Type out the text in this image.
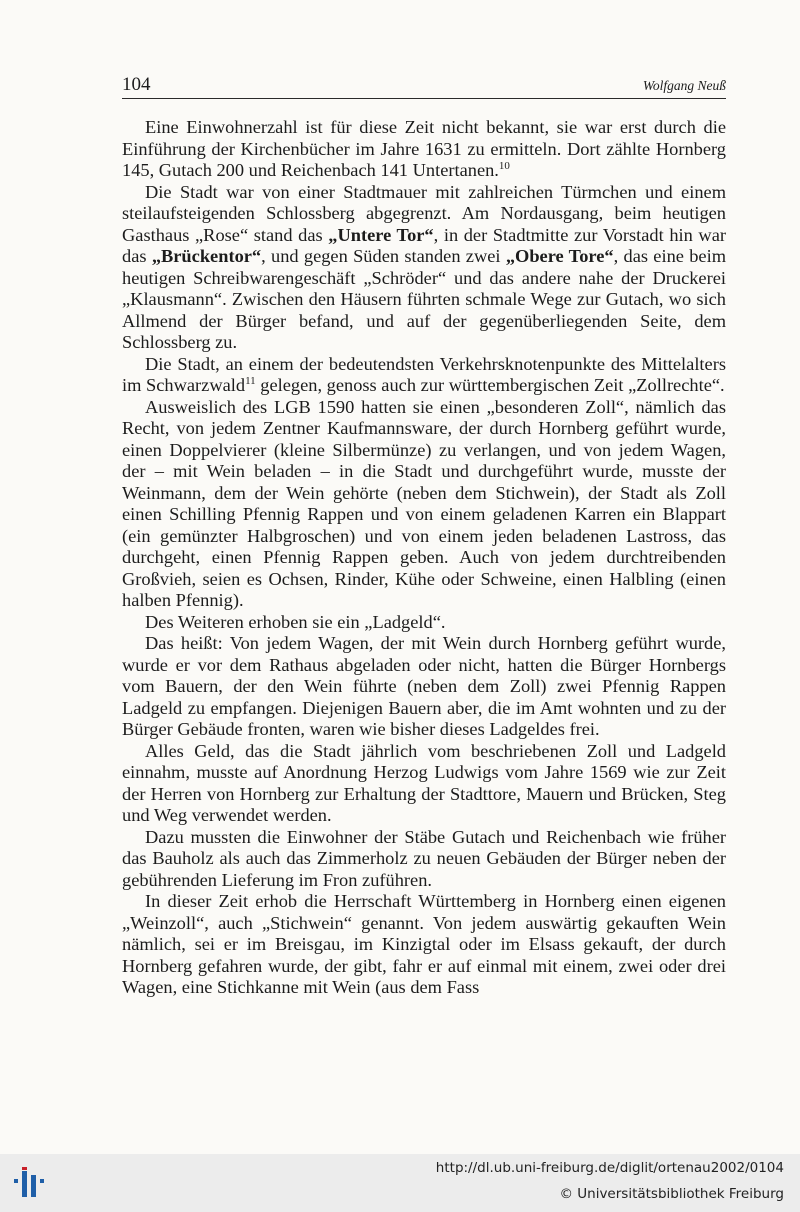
104	Wolfgang Neuß

Eine Einwohnerzahl ist für diese Zeit nicht bekannt, sie war erst durch die Einführung der Kirchenbücher im Jahre 1631 zu ermitteln. Dort zählte Hornberg 145, Gutach 200 und Reichenbach 141 Untertanen.$^{10}$

Die Stadt war von einer Stadtmauer mit zahlreichen Türmchen und einem steilaufsteigenden Schlossberg abgegrenzt. Am Nordausgang, beim heutigen Gasthaus „Rose“ stand das „Untere Tor“, in der Stadtmitte zur Vorstadt hin war das „Brückentor“, und gegen Süden standen zwei „Obere Tore“, das eine beim heutigen Schreibwarengeschäft „Schröder“ und das andere nahe der Druckerei „Klausmann“. Zwischen den Häusern führten schmale Wege zur Gutach, wo sich Allmend der Bürger befand, und auf der gegenüberliegenden Seite, dem Schlossberg zu.

Die Stadt, an einem der bedeutendsten Verkehrsknotenpunkte des Mittelalters im Schwarzwald$^{11}$ gelegen, genoss auch zur württembergischen Zeit „Zollrechte“.

Ausweislich des LGB 1590 hatten sie einen „besonderen Zoll“, nämlich das Recht, von jedem Zentner Kaufmannsware, der durch Hornberg geführt wurde, einen Doppelvierer (kleine Silbermünze) zu verlangen, und von jedem Wagen, der – mit Wein beladen – in die Stadt und durchgeführt wurde, musste der Weinmann, dem der Wein gehörte (neben dem Stichwein), der Stadt als Zoll einen Schilling Pfennig Rappen und von einem geladenen Karren ein Blappart (ein gemünzter Halbgroschen) und von einem jeden beladenen Lastross, das durchgeht, einen Pfennig Rappen geben. Auch von jedem durchtreibenden Großvieh, seien es Ochsen, Rinder, Kühe oder Schweine, einen Halbling (einen halben Pfennig).

Des Weiteren erhoben sie ein „Ladgeld“.

Das heißt: Von jedem Wagen, der mit Wein durch Hornberg geführt wurde, wurde er vor dem Rathaus abgeladen oder nicht, hatten die Bürger Hornbergs vom Bauern, der den Wein führte (neben dem Zoll) zwei Pfennig Rappen Ladgeld zu empfangen. Diejenigen Bauern aber, die im Amt wohnten und zu der Bürger Gebäude fronten, waren wie bisher dieses Ladgeldes frei.

Alles Geld, das die Stadt jährlich vom beschriebenen Zoll und Ladgeld einnahm, musste auf Anordnung Herzog Ludwigs vom Jahre 1569 wie zur Zeit der Herren von Hornberg zur Erhaltung der Stadttore, Mauern und Brücken, Steg und Weg verwendet werden.

Dazu mussten die Einwohner der Stäbe Gutach und Reichenbach wie früher das Bauholz als auch das Zimmerholz zu neuen Gebäuden der Bürger neben der gebührenden Lieferung im Fron zuführen.

In dieser Zeit erhob die Herrschaft Württemberg in Hornberg einen eigenen „Weinzoll“, auch „Stichwein“ genannt. Von jedem auswärtig gekauften Wein nämlich, sei er im Breisgau, im Kinzigtal oder im Elsass gekauft, der durch Hornberg gefahren wurde, der gibt, fahr er auf einmal mit einem, zwei oder drei Wagen, eine Stichkanne mit Wein (aus dem Fass

http://dl.ub.uni-freiburg.de/diglit/ortenau2002/0104
© Universitätsbibliothek Freiburg
